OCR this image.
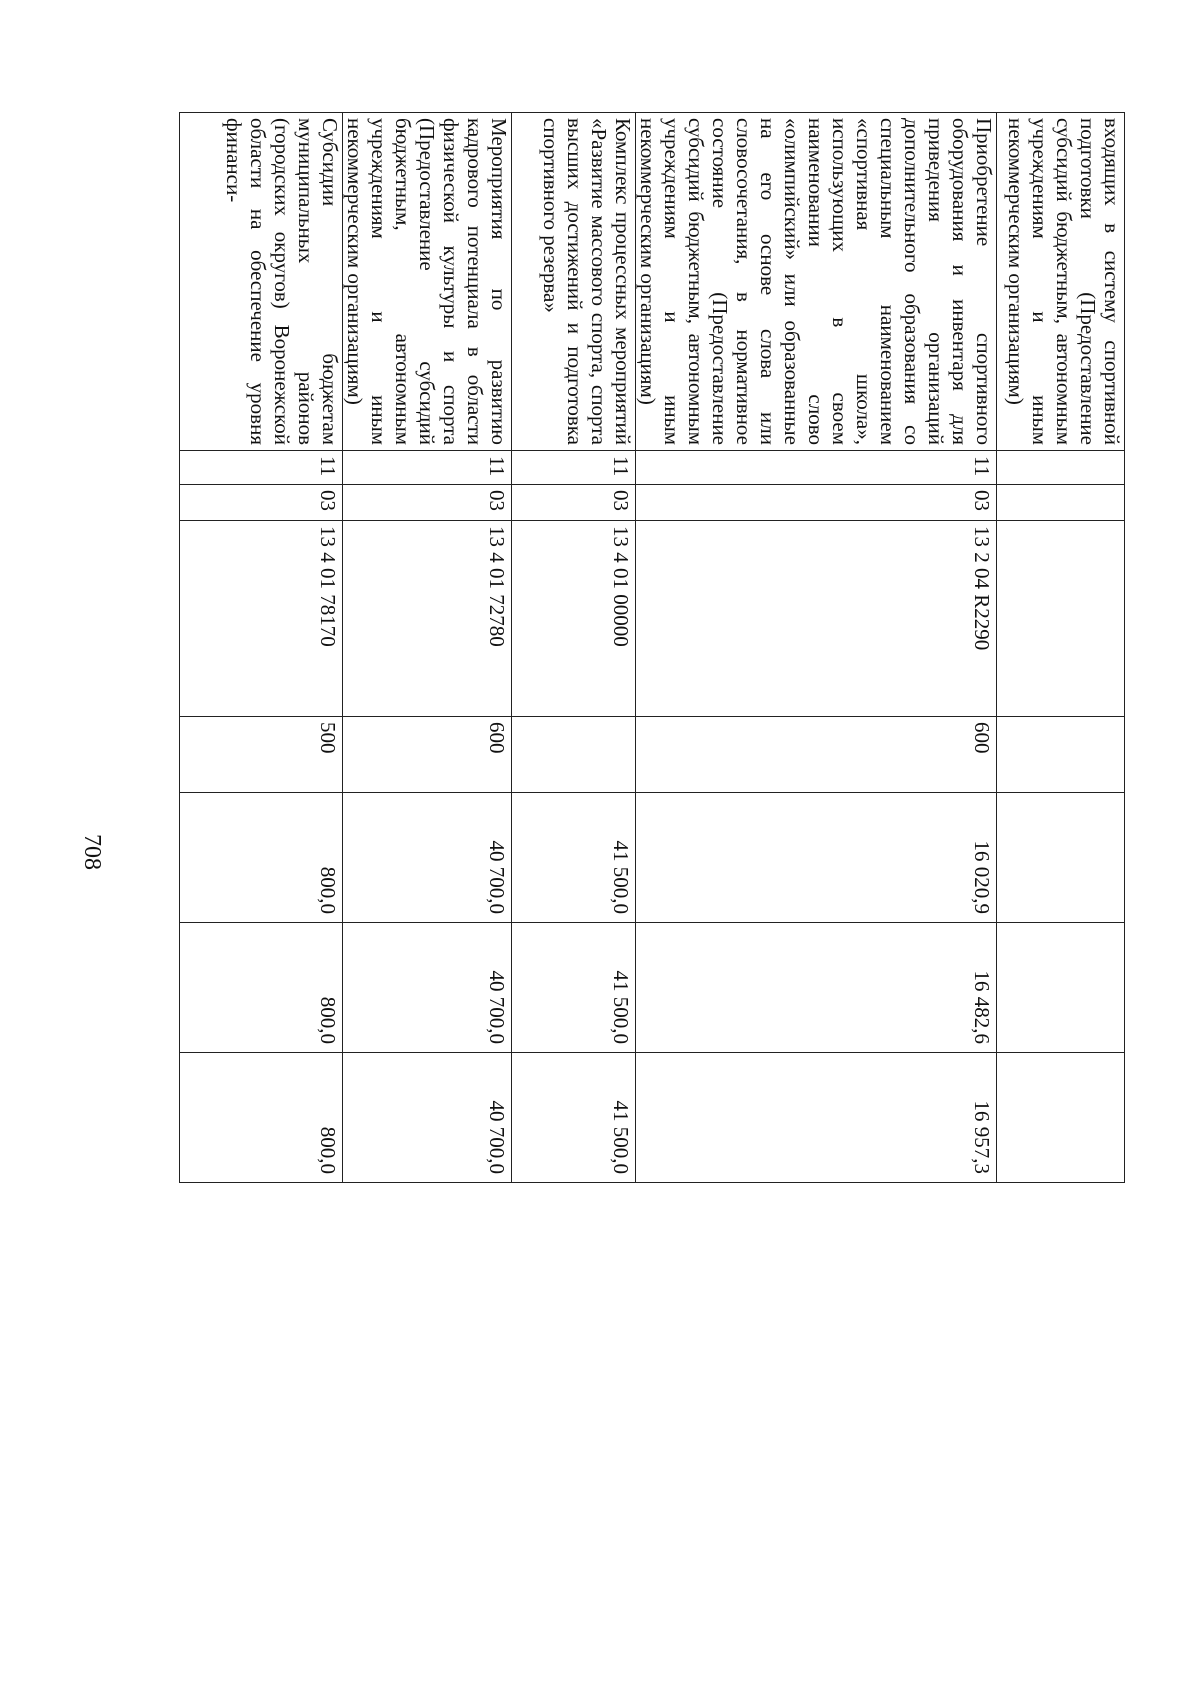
708
входящих в систему спортивной подготовки (Предоставление субсидий бюджетным, автономным учреждениям и иным некоммерческим организациям)							
Приобретение спортивного оборудования и инвентаря для приведения организаций дополнительного образования со специальным наименованием «спортивная школа», использующих в своем наименовании слово «олимпийский» или образованные на его основе слова или словосочетания, в нормативное состояние (Предоставление субсидий бюджетным, автономным учреждениям и иным некоммерческим организациям)	11	03	13 2 04 R2290	600	16 020,9	16 482,6	16 957,3
Комплекс процессных мероприятий «Развитие массового спорта, спорта высших достижений и подготовка спортивного резерва»	11	03	13 4 01 00000		41 500,0	41 500,0	41 500,0
Мероприятия по развитию кадрового потенциала в области физической культуры и спорта (Предоставление субсидий бюджетным, автономным учреждениям и иным некоммерческим организациям)	11	03	13 4 01 72780	600	40 700,0	40 700,0	40 700,0
Субсидии бюджетам муниципальных районов (городских округов) Воронежской области на обеспечение уровня финанси-	11	03	13 4 01 78170	500	800,0	800,0	800,0
